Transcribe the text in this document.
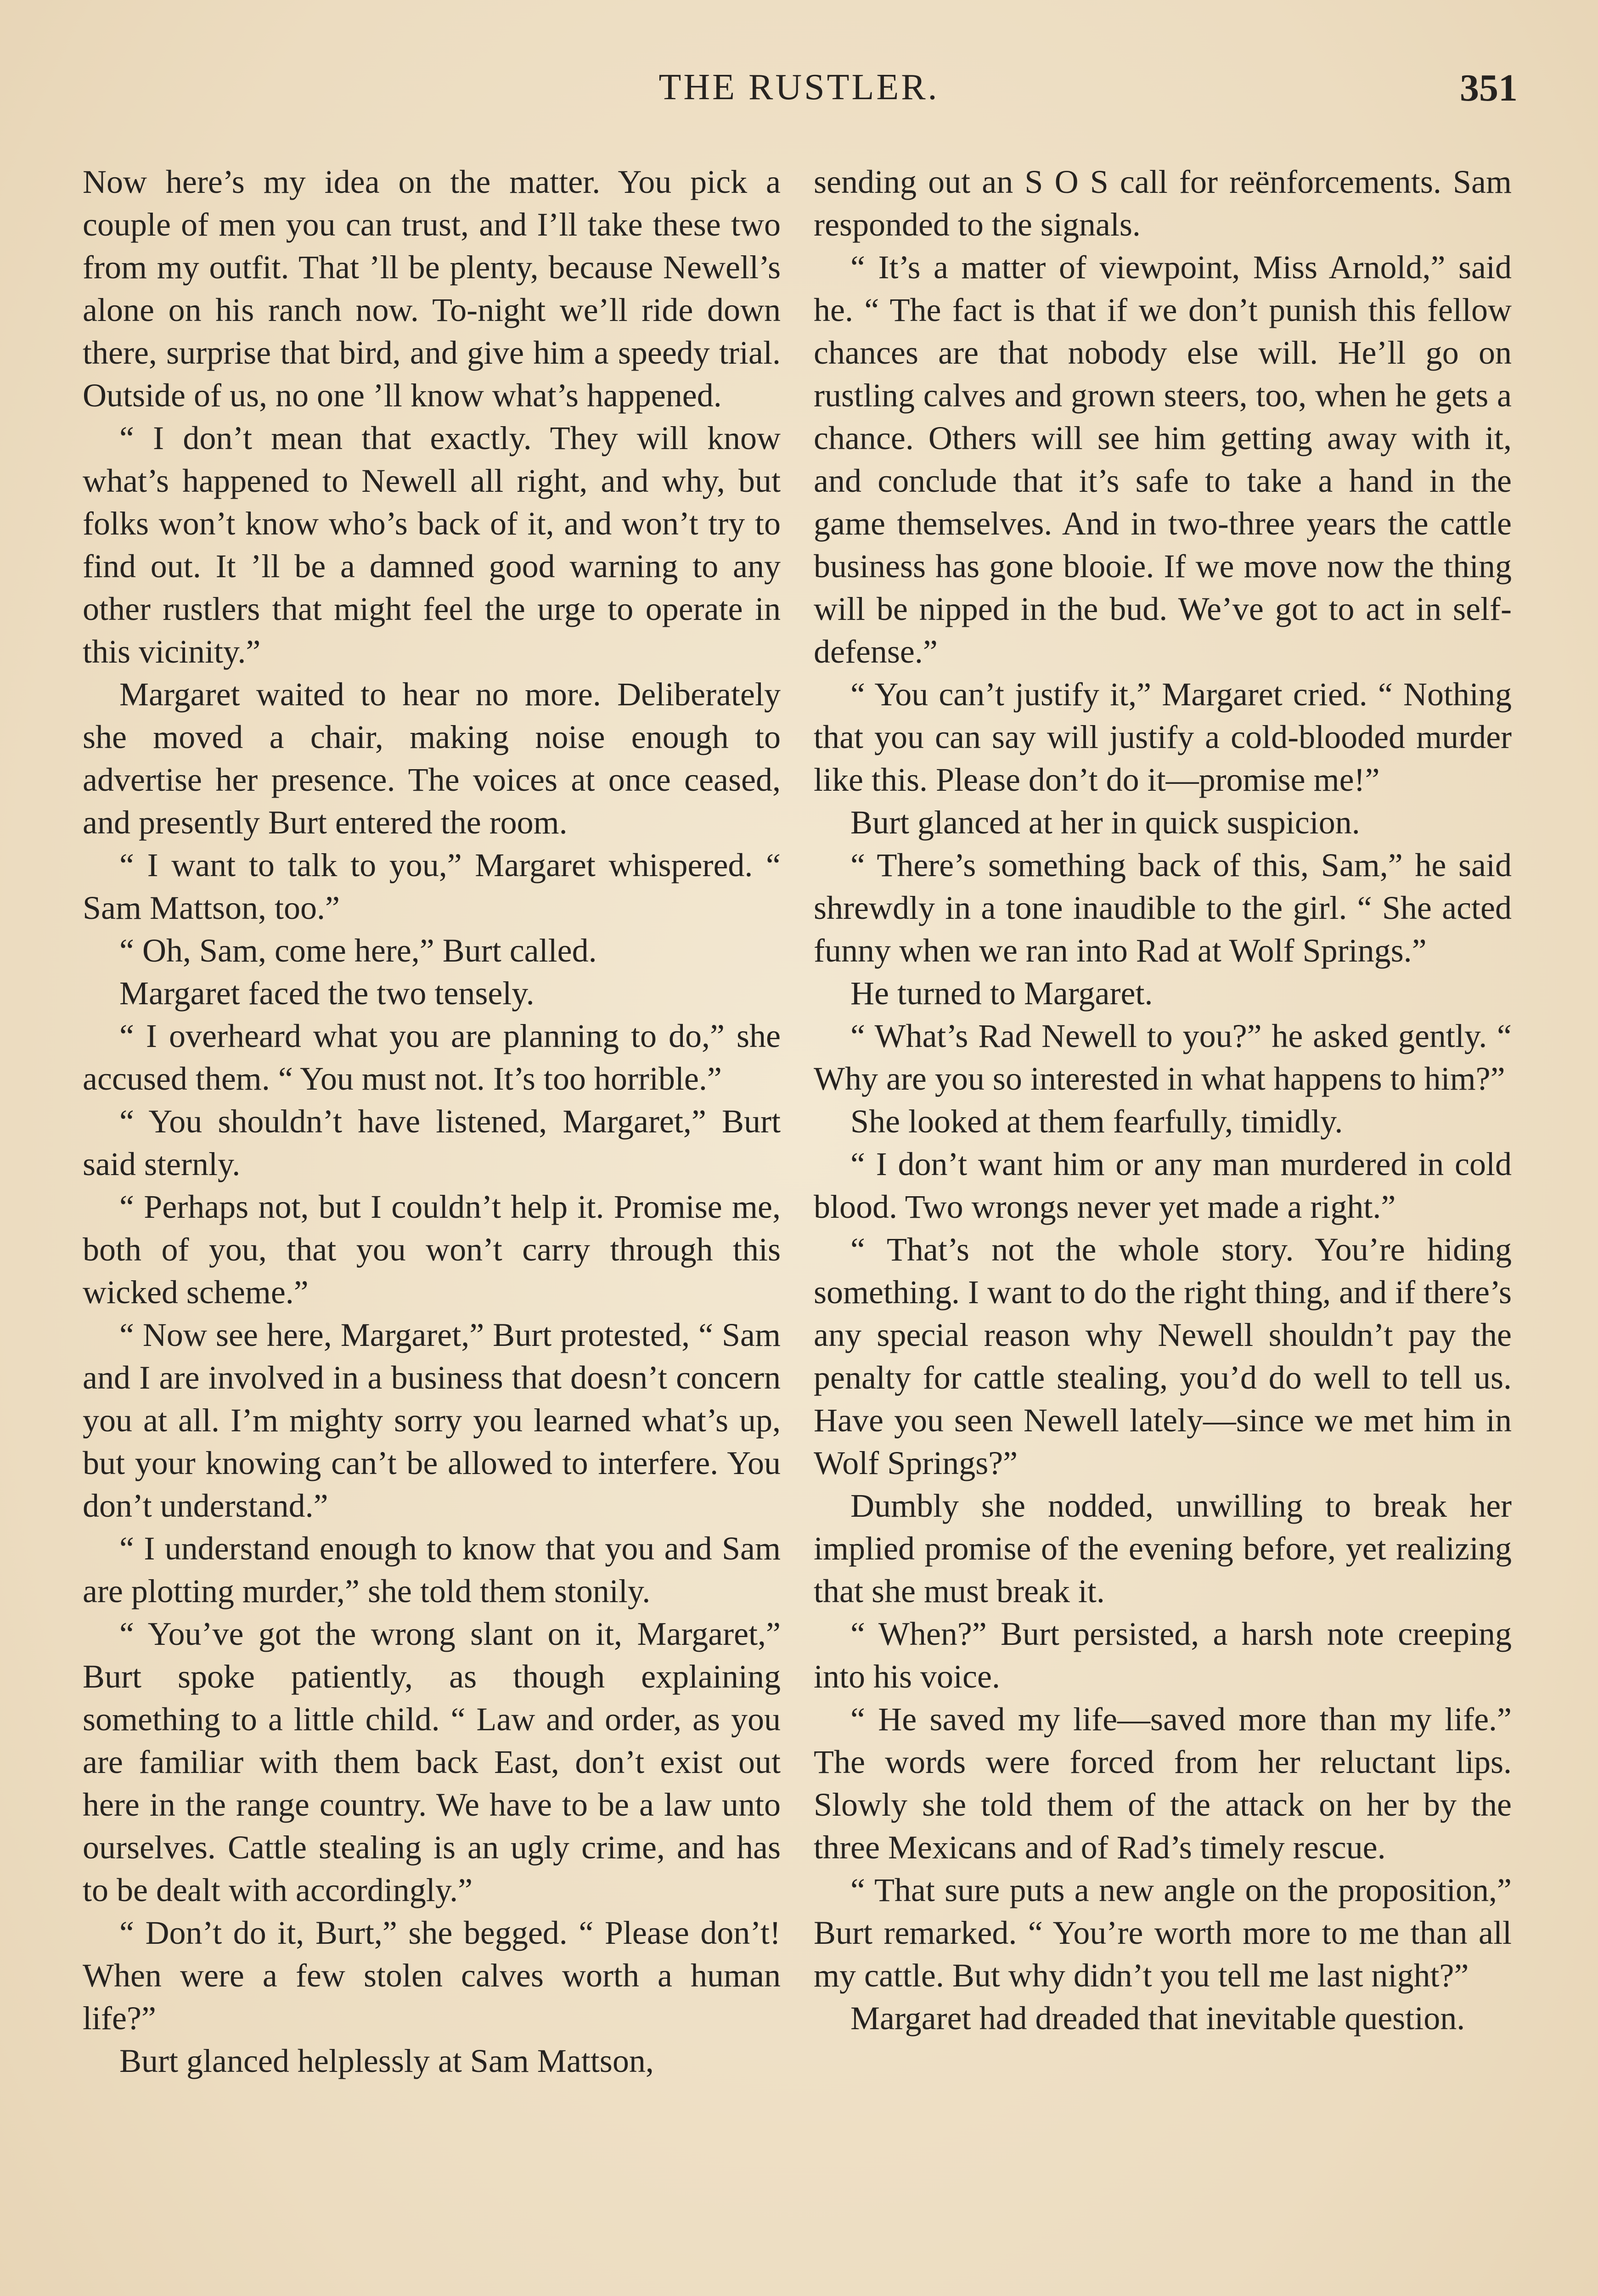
THE RUSTLER.	351

Now here’s my idea on the matter. You pick a couple of men you can trust, and I’ll take these two from my outfit. That ’ll be plenty, because Newell’s alone on his ranch now. To-night we’ll ride down there, surprise that bird, and give him a speedy trial. Outside of us, no one ’ll know what’s happened.

“ I don’t mean that exactly. They will know what’s happened to Newell all right, and why, but folks won’t know who’s back of it, and won’t try to find out. It ’ll be a damned good warning to any other rustlers that might feel the urge to operate in this vicinity.”

Margaret waited to hear no more. Deliberately she moved a chair, making noise enough to advertise her presence. The voices at once ceased, and presently Burt entered the room.

“ I want to talk to you,” Margaret whispered. “ Sam Mattson, too.”

“ Oh, Sam, come here,” Burt called.

Margaret faced the two tensely.

“ I overheard what you are planning to do,” she accused them. “ You must not. It’s too horrible.”

“ You shouldn’t have listened, Margaret,” Burt said sternly.

“ Perhaps not, but I couldn’t help it. Promise me, both of you, that you won’t carry through this wicked scheme.”

“ Now see here, Margaret,” Burt protested, “ Sam and I are involved in a business that doesn’t concern you at all. I’m mighty sorry you learned what’s up, but your knowing can’t be allowed to interfere. You don’t understand.”

“ I understand enough to know that you and Sam are plotting murder,” she told them stonily.

“ You’ve got the wrong slant on it, Margaret,” Burt spoke patiently, as though explaining something to a little child. “ Law and order, as you are familiar with them back East, don’t exist out here in the range country. We have to be a law unto ourselves. Cattle stealing is an ugly crime, and has to be dealt with accordingly.”

“ Don’t do it, Burt,” she begged. “ Please don’t! When were a few stolen calves worth a human life?”

Burt glanced helplessly at Sam Mattson,

sending out an S O S call for reënforcements. Sam responded to the signals.

“ It’s a matter of viewpoint, Miss Arnold,” said he. “ The fact is that if we don’t punish this fellow chances are that nobody else will. He’ll go on rustling calves and grown steers, too, when he gets a chance. Others will see him getting away with it, and conclude that it’s safe to take a hand in the game themselves. And in two-three years the cattle business has gone blooie. If we move now the thing will be nipped in the bud. We’ve got to act in self-defense.”

“ You can’t justify it,” Margaret cried. “ Nothing that you can say will justify a cold-blooded murder like this. Please don’t do it—promise me!”

Burt glanced at her in quick suspicion.

“ There’s something back of this, Sam,” he said shrewdly in a tone inaudible to the girl. “ She acted funny when we ran into Rad at Wolf Springs.”

He turned to Margaret.

“ What’s Rad Newell to you?” he asked gently. “ Why are you so interested in what happens to him?”

She looked at them fearfully, timidly.

“ I don’t want him or any man murdered in cold blood. Two wrongs never yet made a right.”

“ That’s not the whole story. You’re hiding something. I want to do the right thing, and if there’s any special reason why Newell shouldn’t pay the penalty for cattle stealing, you’d do well to tell us. Have you seen Newell lately—since we met him in Wolf Springs?”

Dumbly she nodded, unwilling to break her implied promise of the evening before, yet realizing that she must break it.

“ When?” Burt persisted, a harsh note creeping into his voice.

“ He saved my life—saved more than my life.” The words were forced from her reluctant lips. Slowly she told them of the attack on her by the three Mexicans and of Rad’s timely rescue.

“ That sure puts a new angle on the proposition,” Burt remarked. “ You’re worth more to me than all my cattle. But why didn’t you tell me last night?”

Margaret had dreaded that inevitable question.
